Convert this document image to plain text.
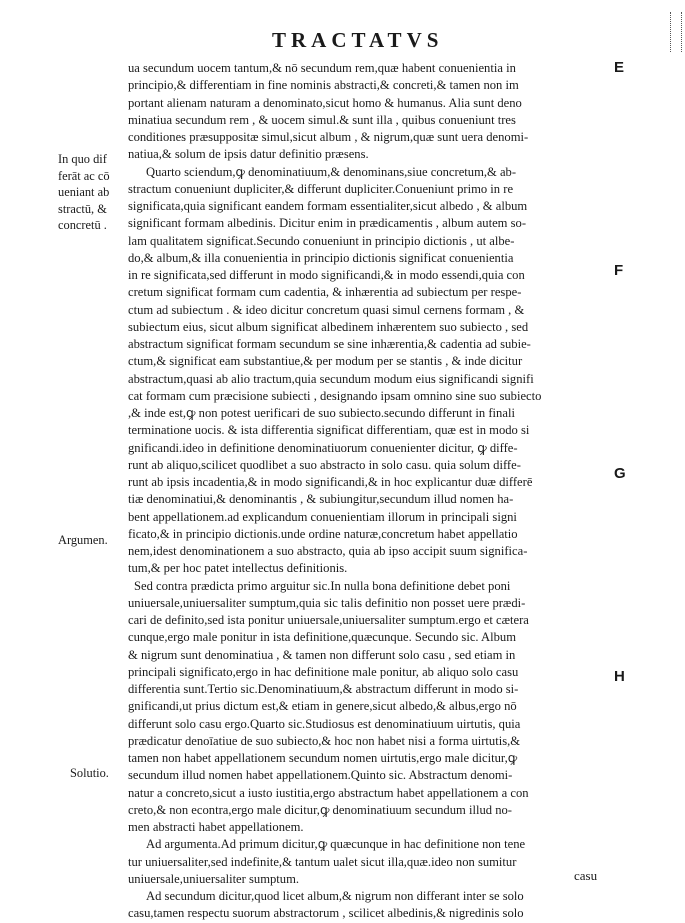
TRACTATVS
ua secundum uocem tantum,& nō secundum rem,quæ habent conuenientia in
principio,& differentiam in fine nominis abstracti,& concreti,& tamen non im
portant alienam naturam a denominato,sicut homo & humanus. Alia sunt deno
minatiua secundum rem , & uocem simul.& sunt illa , quibus conueniunt tres
conditiones præsuppositæ simul,sicut album , & nigrum,quæ sunt uera denomi-
natiua,& solum de ipsis datur definitio præsens.
Quarto sciendum,ꝙ denominatiuum,& denominans,siue concretum,& ab-
stractum conueniunt dupliciter,& differunt dupliciter.Conueniunt primo in re
significata,quia significant eandem formam essentialiter,sicut albedo , & album
significant formam albedinis. Dicitur enim in prædicamentis , album autem so-
lam qualitatem significat.Secundo conueniunt in principio dictionis , ut albe-
do,& album,& illa conuenientia in principio dictionis significat conuenientia
in re significata,sed differunt in modo significandi,& in modo essendi,quia con
cretum significat formam cum cadentia, & inhærentia ad subiectum per respe-
ctum ad subiectum . & ideo dicitur concretum quasi simul cernens formam , &
subiectum eius, sicut album significat albedinem inhærentem suo subiecto , sed
abstractum significat formam secundum se sine inhærentia,& cadentia ad subie-
ctum,& significat eam substantiue,& per modum per se stantis , & inde dicitur
abstractum,quasi ab alio tractum,quia secundum modum eius significandi signifi
cat formam cum præcisione subiecti , designando ipsam omnino sine suo subiecto
,& inde est,ꝙ non potest uerificari de suo subiecto.secundo differunt in finali
terminatione uocis. & ista differentia significat differentiam, quæ est in modo si
gnificandi.ideo in definitione denominatiuorum conuenienter dicitur, ꝙ diffe-
runt ab aliquo,scilicet quodlibet a suo abstracto in solo casu. quia solum diffe-
runt ab ipsis incadentia,& in modo significandi,& in hoc explicantur duæ differē
tiæ denominatiui,& denominantis , & subiungitur,secundum illud nomen ha-
bent appellationem.ad explicandum conuenientiam illorum in principali signi
ficato,& in principio dictionis.unde ordine naturæ,concretum habet appellatio
nem,idest denominationem a suo abstracto, quia ab ipso accipit suum significa-
tum,& per hoc patet intellectus definitionis.
Sed contra prædicta primo arguitur sic.In nulla bona definitione debet poni
uniuersale,uniuersaliter sumptum,quia sic talis definitio non posset uere prædi-
cari de definito,sed ista ponitur uniuersale,uniuersaliter sumptum.ergo et cætera
cunque,ergo male ponitur in ista definitione,quæcunque. Secundo sic. Album
& nigrum sunt denominatiua , & tamen non differunt solo casu , sed etiam in
principali significato,ergo in hac definitione male ponitur, ab aliquo solo casu
differentia sunt.Tertio sic.Denominatiuum,& abstractum differunt in modo si-
gnificandi,ut prius dictum est,& etiam in genere,sicut albedo,& albus,ergo nō
differunt solo casu ergo.Quarto sic.Studiosus est denominatiuum uirtutis, quia
prædicatur denoīatiue de suo subiecto,& hoc non habet nisi a forma uirtutis,&
tamen non habet appellationem secundum nomen uirtutis,ergo male dicitur,ꝙ
secundum illud nomen habet appellationem.Quinto sic. Abstractum denomi-
natur a concreto,sicut a iusto iustitia,ergo abstractum habet appellationem a con
creto,& non econtra,ergo male dicitur,ꝙ denominatiuum secundum illud no-
men abstracti habet appellationem.
Ad argumenta.Ad primum dicitur,ꝙ quæcunque in hac definitione non tene
tur uniuersaliter,sed indefinite,& tantum ualet sicut illa,quæ.ideo non sumitur
uniuersale,uniuersaliter sumptum.
Ad secundum dicitur,quod licet album,& nigrum non differant inter se solo
casu,tamen respectu suorum abstractorum , scilicet albedinis,& nigredinis solo
In quo dif
ferāt ac cō
ueniant ab
stractū, &
concretū .
Argumen.
Solutio.
E
F
G
H
casu
